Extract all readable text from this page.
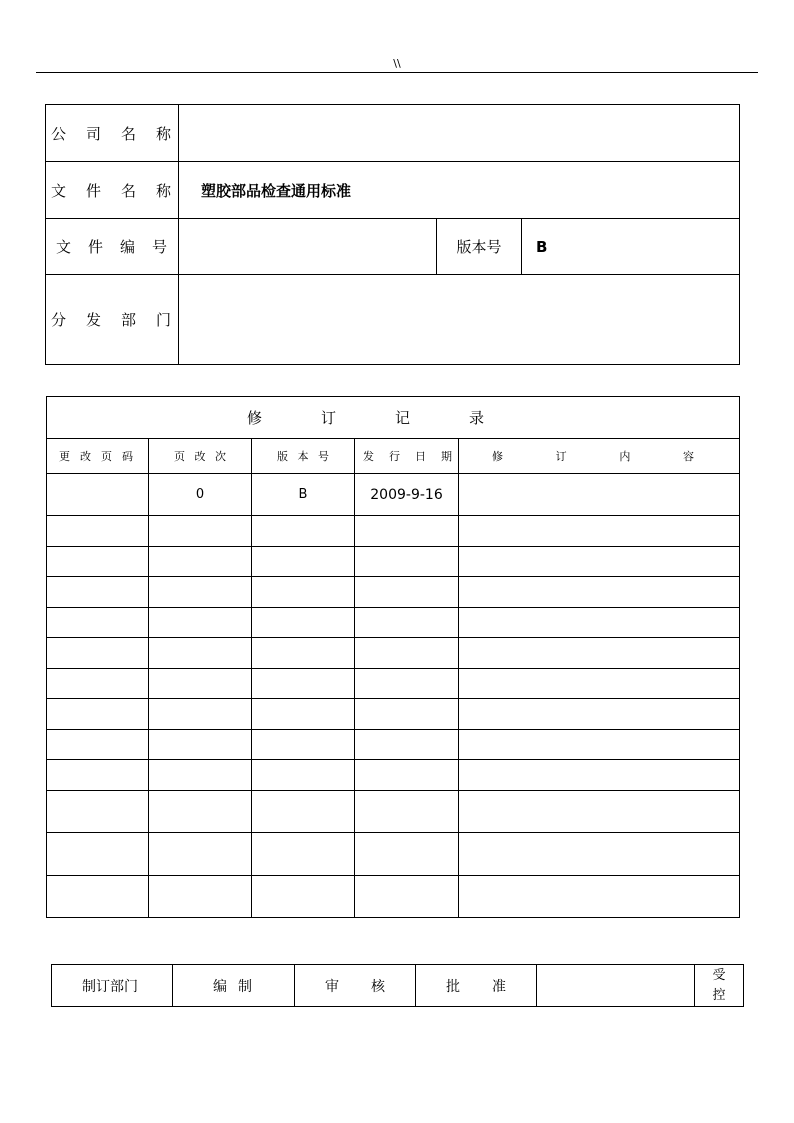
\\
公 司 名 称			

文 件 名 称	塑胶部品检查通用标准		

文 件 编 号		版本号	B

分 发 部 门			

修 订 记 录				

更 改 页 码	页 改 次	版 本 号	发 行 日 期	修 订 内 容

	0	B	2009-9-16	

制订部门	编 制	审 核	批 准

受
控
